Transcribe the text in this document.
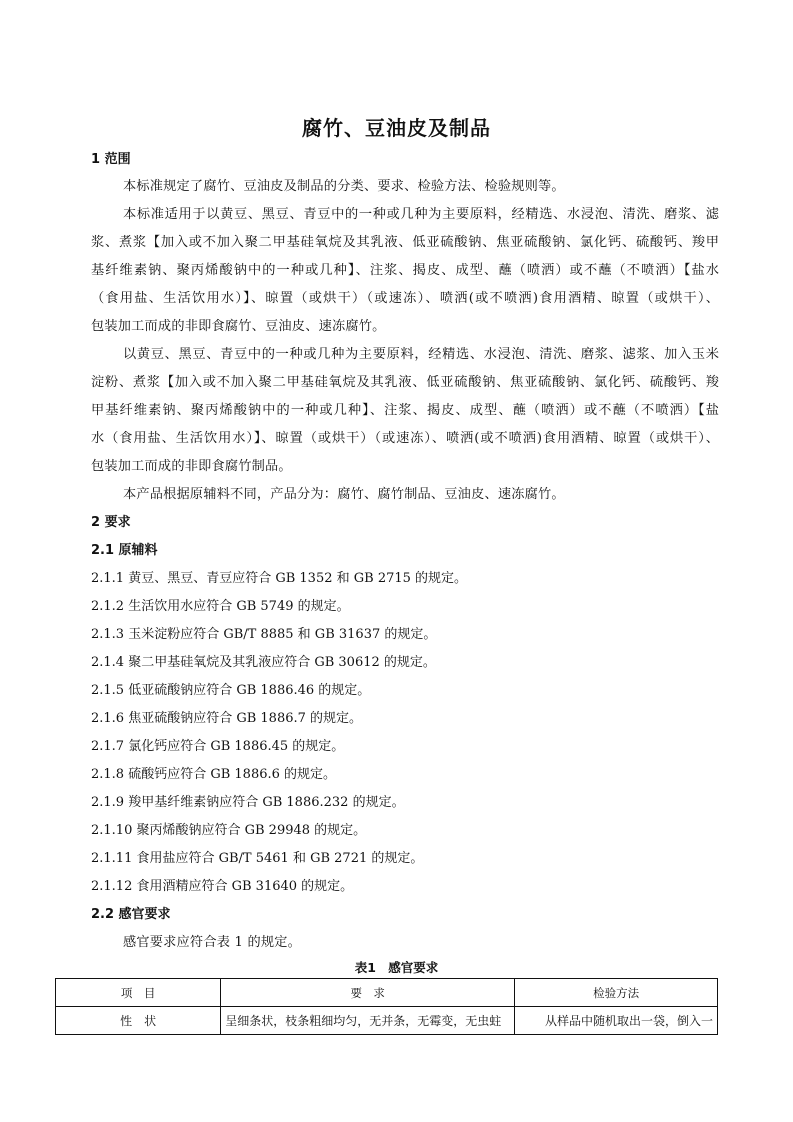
腐竹、豆油皮及制品
1 范围
本标准规定了腐竹、豆油皮及制品的分类、要求、检验方法、检验规则等。
本标准适用于以黄豆、黑豆、青豆中的一种或几种为主要原料，经精选、水浸泡、清洗、磨浆、滤
浆、煮浆【加入或不加入聚二甲基硅氧烷及其乳液、低亚硫酸钠、焦亚硫酸钠、氯化钙、硫酸钙、羧甲
基纤维素钠、聚丙烯酸钠中的一种或几种】、注浆、揭皮、成型、蘸（喷洒）或不蘸（不喷洒）【盐水
（食用盐、生活饮用水）】、晾置（或烘干）（或速冻）、喷洒(或不喷洒)食用酒精、晾置（或烘干）、
包装加工而成的非即食腐竹、豆油皮、速冻腐竹。
以黄豆、黑豆、青豆中的一种或几种为主要原料，经精选、水浸泡、清洗、磨浆、滤浆、加入玉米
淀粉、煮浆【加入或不加入聚二甲基硅氧烷及其乳液、低亚硫酸钠、焦亚硫酸钠、氯化钙、硫酸钙、羧
甲基纤维素钠、聚丙烯酸钠中的一种或几种】、注浆、揭皮、成型、蘸（喷洒）或不蘸（不喷洒）【盐
水（食用盐、生活饮用水）】、晾置（或烘干）（或速冻）、喷洒(或不喷洒)食用酒精、晾置（或烘干）、
包装加工而成的非即食腐竹制品。
本产品根据原辅料不同，产品分为：腐竹、腐竹制品、豆油皮、速冻腐竹。
2 要求
2.1 原辅料
2.1.1 黄豆、黑豆、青豆应符合 GB 1352 和 GB 2715 的规定。
2.1.2 生活饮用水应符合 GB 5749 的规定。
2.1.3 玉米淀粉应符合 GB/T 8885 和 GB 31637 的规定。
2.1.4 聚二甲基硅氧烷及其乳液应符合 GB 30612 的规定。
2.1.5 低亚硫酸钠应符合 GB 1886.46 的规定。
2.1.6 焦亚硫酸钠应符合 GB 1886.7 的规定。
2.1.7 氯化钙应符合 GB 1886.45 的规定。
2.1.8 硫酸钙应符合 GB 1886.6 的规定。
2.1.9 羧甲基纤维素钠应符合 GB 1886.232 的规定。
2.1.10 聚丙烯酸钠应符合 GB 29948 的规定。
2.1.11 食用盐应符合 GB/T 5461 和 GB 2721 的规定。
2.1.12 食用酒精应符合 GB 31640 的规定。
2.2 感官要求
感官要求应符合表 1 的规定。
表1 感官要求
项　目	要　求	检验方法
性　状	呈细条状，枝条粗细均匀，无并条，无霉变，无虫蛀	从样品中随机取出一袋，倒入一
